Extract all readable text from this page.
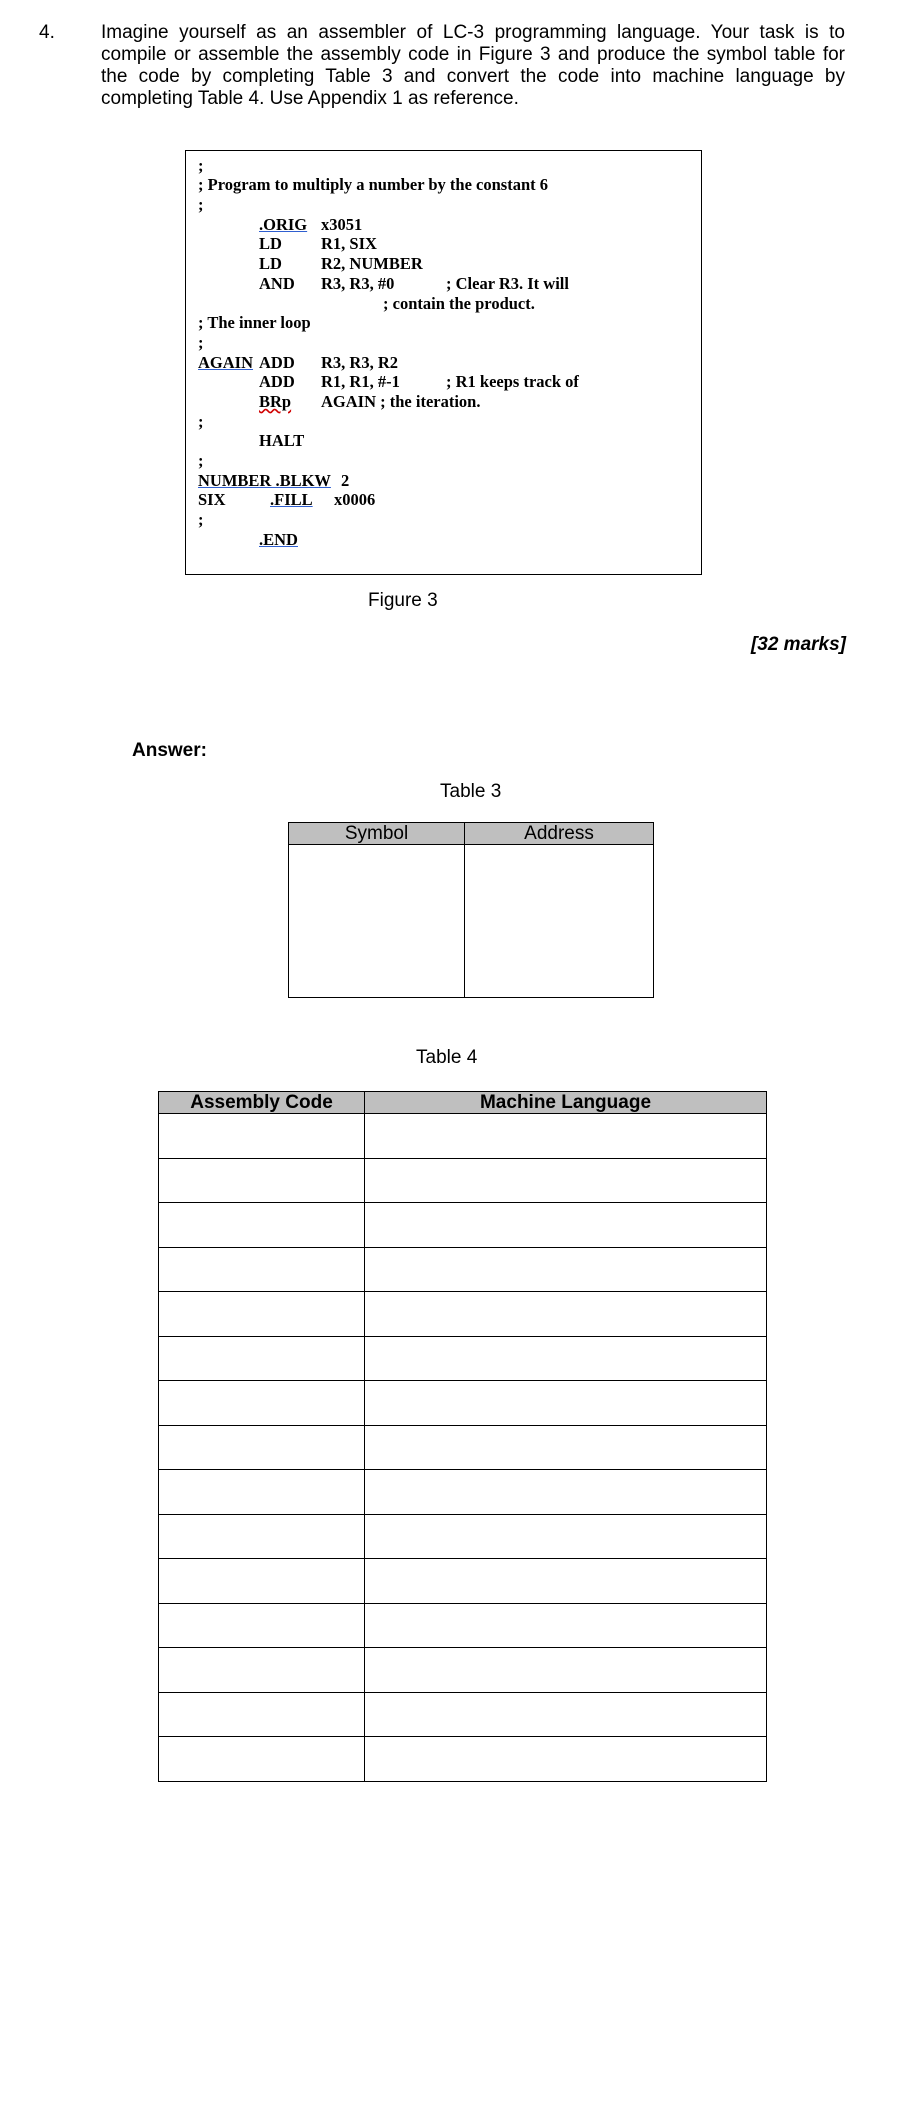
4. Imagine yourself as an assembler of LC-3 programming language. Your task is to compile or assemble the assembly code in Figure 3 and produce the symbol table for the code by completing Table 3 and convert the code into machine language by completing Table 4. Use Appendix 1 as reference.
;
; Program to multiply a number by the constant 6
;
.ORIG x3051
LD R1, SIX
LD R2, NUMBER
AND R3, R3, #0	; Clear R3. It will
; contain the product.
; The inner loop
;
AGAIN ADD R3, R3, R2
ADD R1, R1, #-1	; R1 keeps track of
BRp AGAIN ; the iteration.
;
HALT
;
NUMBER .BLKW 2
SIX	.FILL x0006
;
.END
Figure 3
[32 marks]
Answer:
Table 3
Symbol	Address

Table 4
Assembly Code	Machine Language
